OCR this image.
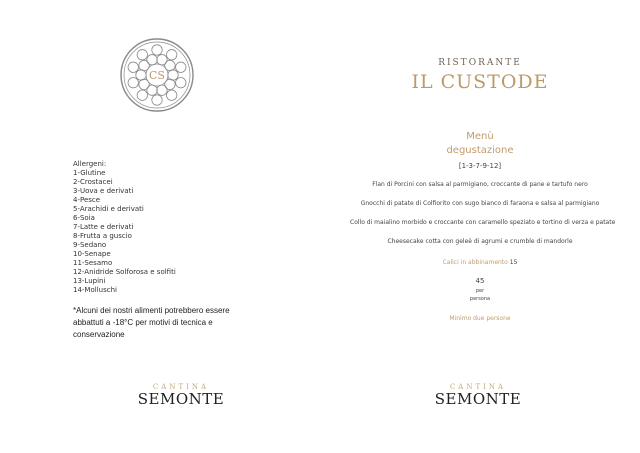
CS
Allergeni:
1-Glutine
2-Crostacei
3-Uova e derivati
4-Pesce
5-Arachidi e derivati
6-Soia
7-Latte e derivati
8-Frutta a guscio
9-Sedano
10-Senape
11-Sesamo
12-Anidride Solforosa e solfiti
13-Lupini
14-Molluschi
*Alcuni dei nostri alimenti potrebbero essere abbattuti a -18°C per motivi di tecnica e conservazione
CANTINA
SEMONTE
RISTORANTE
IL CUSTODE
Menù
degustazione
[1-3-7-9-12]
Flan di Porcini con salsa al parmigiano, croccante di pane e tartufo nero
Gnocchi di patate di Colfiorito con sugo bianco di faraona e salsa al parmigiano
Collo di maialino morbido e croccante con caramello speziato e tortino di verza e patate
Cheesecake cotta con geleè di agrumi e crumble di mandorle
Calici in abbinamento 15
45
per
persona
Minimo due persone
CANTINA
SEMONTE
